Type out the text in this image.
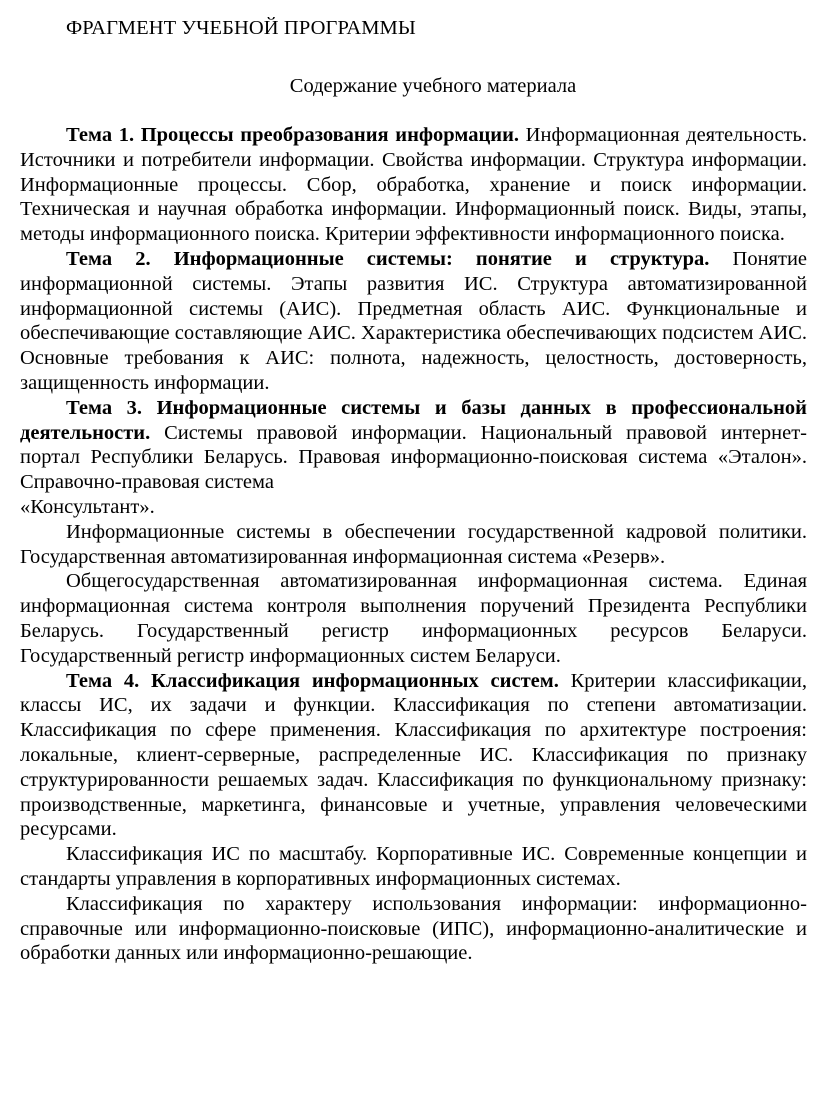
ФРАГМЕНТ УЧЕБНОЙ ПРОГРАММЫ
Содержание учебного материала

Тема 1. Процессы преобразования информации. Информационная деятельность. Источники и потребители информации. Свойства информации. Структура информации. Информационные процессы. Сбор, обработка, хранение и поиск информации. Техническая и научная обработка информации. Информационный поиск. Виды, этапы, методы информационного поиска. Критерии эффективности информационного поиска.

Тема 2. Информационные системы: понятие и структура. Понятие информационной системы. Этапы развития ИС. Структура автоматизированной информационной системы (АИС). Предметная область АИС. Функциональные и обеспечивающие составляющие АИС. Характеристика обеспечивающих подсистем АИС. Основные требования к АИС: полнота, надежность, целостность, достоверность, защищенность информации.

Тема 3. Информационные системы и базы данных в профессиональной деятельности. Системы правовой информации. Национальный правовой интернет-портал Республики Беларусь. Правовая информационно-поисковая система «Эталон». Справочно-правовая система
«Консультант».

Информационные системы в обеспечении государственной кадровой политики. Государственная автоматизированная информационная система «Резерв».

Общегосударственная автоматизированная информационная система. Единая информационная система контроля выполнения поручений Президента Республики Беларусь. Государственный регистр информационных ресурсов Беларуси. Государственный регистр информационных систем Беларуси.

Тема 4. Классификация информационных систем. Критерии классификации, классы ИС, их задачи и функции. Классификация по степени автоматизации. Классификация по сфере применения. Классификация по архитектуре построения: локальные, клиент-серверные, распределенные ИС. Классификация по признаку структурированности решаемых задач. Классификация по функциональному признаку: производственные, маркетинга, финансовые и учетные, управления человеческими ресурсами.

Классификация ИС по масштабу. Корпоративные ИС. Современные концепции и стандарты управления в корпоративных информационных системах.

Классификация по характеру использования информации: информационно-справочные или информационно-поисковые (ИПС), информационно-аналитические и обработки данных или информационно-решающие.
